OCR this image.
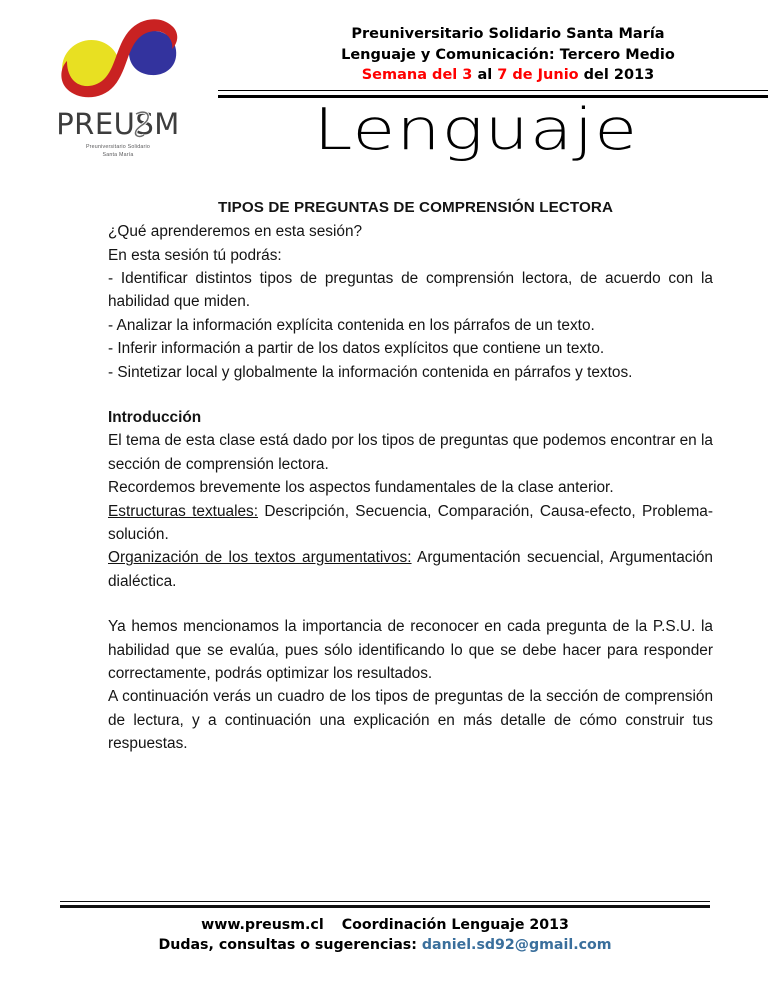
PREUSM
Preuniversitario Solidario
Santa María
Preuniversitario Solidario Santa María
Lenguaje y Comunicación: Tercero Medio
Semana del 3 al 7 de Junio del 2013
Lenguaje
TIPOS DE PREGUNTAS DE COMPRENSIÓN LECTORA
¿Qué aprenderemos en esta sesión?
En esta sesión tú podrás:
- Identificar distintos tipos de preguntas de comprensión lectora, de acuerdo con la habilidad que miden.
- Analizar la información explícita contenida en los párrafos de un texto.
- Inferir información a partir de los datos explícitos que contiene un texto.
- Sintetizar local y globalmente la información contenida en párrafos y textos.
Introducción
El tema de esta clase está dado por los tipos de preguntas que podemos encontrar en la sección de comprensión lectora.
Recordemos brevemente los aspectos fundamentales de la clase anterior.
Estructuras textuales: Descripción, Secuencia, Comparación, Causa-efecto, Problema- solución.
Organización de los textos argumentativos: Argumentación secuencial, Argumentación dialéctica.
Ya hemos mencionamos la importancia de reconocer en cada pregunta de la P.S.U. la habilidad que se evalúa, pues sólo identificando lo que se debe hacer para responder correctamente, podrás optimizar los resultados.
A continuación verás un cuadro de los tipos de preguntas de la sección de comprensión de lectura, y a continuación una explicación en más detalle de cómo construir tus respuestas.
www.preusm.cl Coordinación Lenguaje 2013
Dudas, consultas o sugerencias: daniel.sd92@gmail.com
